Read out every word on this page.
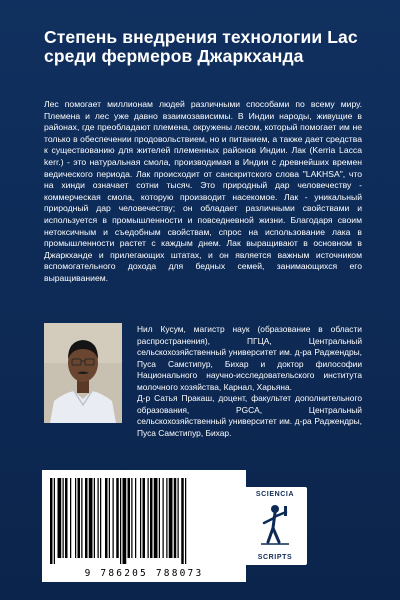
Степень внедрения технологии Lac среди фермеров Джаркханда

Лес помогает миллионам людей различными способами по всему миру. Племена и лес уже давно взаимозависимы. В Индии народы, живущие в районах, где преобладают племена, окружены лесом, который помогает им не только в обеспечении продовольствием, но и питанием, а также дает средства к существованию для жителей племенных районов Индии. Лак (Kerria Lacca kerr.) - это натуральная смола, производимая в Индии с древнейших времен ведического периода. Лак происходит от санскритского слова "LAKHSA", что на хинди означает сотни тысяч. Это природный дар человечеству - коммерческая смола, которую производит насекомое. Лак - уникальный природный дар человечеству; он обладает различными свойствами и используется в промышленности и повседневной жизни. Благодаря своим нетоксичным и съедобным свойствам, спрос на использование лака в промышленности растет с каждым днем. Лак выращивают в основном в Джаркханде и прилегающих штатах, и он является важным источником вспомогательного дохода для бедных семей, занимающихся его выращиванием.

Нил Кусум, магистр наук (образование в области распространения), ПГЦА, Центральный сельскохозяйственный университет им. д-ра Раджендры, Пуса Самстипур, Бихар и доктор философии Национального научно-исследовательского института молочного хозяйства, Карнал, Харьяна.

Д-р Сатья Пракаш, доцент, факультет дополнительного образования, PGCA, Центральный сельскохозяйственный университет им. д-ра Раджендры, Пуса Самстипур, Бихар.

9 786205 788073
SCIENCIA
SCRIPTS
